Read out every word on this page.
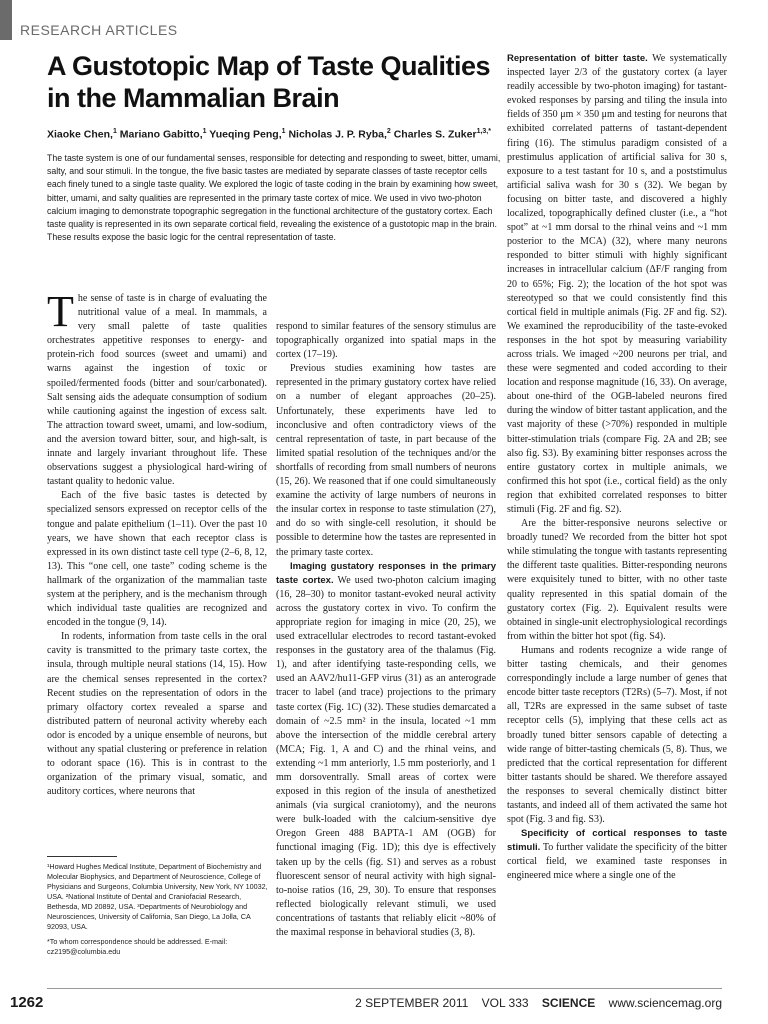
RESEARCH ARTICLES
A Gustotopic Map of Taste Qualities in the Mammalian Brain
Xiaoke Chen,$^1$ Mariano Gabitto,$^1$ Yueqing Peng,$^1$ Nicholas J. P. Ryba,$^2$ Charles S. Zuker$^{1,3,*}$
The taste system is one of our fundamental senses, responsible for detecting and responding to sweet, bitter, umami, salty, and sour stimuli. In the tongue, the five basic tastes are mediated by separate classes of taste receptor cells each finely tuned to a single taste quality. We explored the logic of taste coding in the brain by examining how sweet, bitter, umami, and salty qualities are represented in the primary taste cortex of mice. We used in vivo two-photon calcium imaging to demonstrate topographic segregation in the functional architecture of the gustatory cortex. Each taste quality is represented in its own separate cortical field, revealing the existence of a gustotopic map in the brain. These results expose the basic logic for the central representation of taste.

The sense of taste is in charge of evaluating the nutritional value of a meal. In mammals, a very small palette of taste qualities orchestrates appetitive responses to energy- and protein-rich food sources (sweet and umami) and warns against the ingestion of toxic or spoiled/fermented foods (bitter and sour/carbonated). Salt sensing aids the adequate consumption of sodium while cautioning against the ingestion of excess salt. The attraction toward sweet, umami, and low-sodium, and the aversion toward bitter, sour, and high-salt, is innate and largely invariant throughout life. These observations suggest a physiological hard-wiring of tastant quality to hedonic value.

Each of the five basic tastes is detected by specialized sensors expressed on receptor cells of the tongue and palate epithelium (1–11). Over the past 10 years, we have shown that each receptor class is expressed in its own distinct taste cell type (2–6, 8, 12, 13). This “one cell, one taste” coding scheme is the hallmark of the organization of the mammalian taste system at the periphery, and is the mechanism through which individual taste qualities are recognized and encoded in the tongue (9, 14).

In rodents, information from taste cells in the oral cavity is transmitted to the primary taste cortex, the insula, through multiple neural stations (14, 15). How are the chemical senses represented in the cortex? Recent studies on the representation of odors in the primary olfactory cortex revealed a sparse and distributed pattern of neuronal activity whereby each odor is encoded by a unique ensemble of neurons, but without any spatial clustering or preference in relation to odorant space (16). This is in contrast to the organization of the primary visual, somatic, and auditory cortices, where neurons that

¹Howard Hughes Medical Institute, Department of Biochemistry and Molecular Biophysics, and Department of Neuroscience, College of Physicians and Surgeons, Columbia University, New York, NY 10032, USA. ²National Institute of Dental and Craniofacial Research, Bethesda, MD 20892, USA. ³Departments of Neurobiology and Neurosciences, University of California, San Diego, La Jolla, CA 92093, USA.

*To whom correspondence should be addressed. E-mail: cz2195@columbia.edu

respond to similar features of the sensory stimulus are topographically organized into spatial maps in the cortex (17–19).

Previous studies examining how tastes are represented in the primary gustatory cortex have relied on a number of elegant approaches (20–25). Unfortunately, these experiments have led to inconclusive and often contradictory views of the central representation of taste, in part because of the limited spatial resolution of the techniques and/or the shortfalls of recording from small numbers of neurons (15, 26). We reasoned that if one could simultaneously examine the activity of large numbers of neurons in the insular cortex in response to taste stimulation (27), and do so with single-cell resolution, it should be possible to determine how the tastes are represented in the primary taste cortex.

Imaging gustatory responses in the primary taste cortex. We used two-photon calcium imaging (16, 28–30) to monitor tastant-evoked neural activity across the gustatory cortex in vivo. To confirm the appropriate region for imaging in mice (20, 25), we used extracellular electrodes to record tastant-evoked responses in the gustatory area of the thalamus (Fig. 1), and after identifying taste-responding cells, we used an AAV2/hu11-GFP virus (31) as an anterograde tracer to label (and trace) projections to the primary taste cortex (Fig. 1C) (32). These studies demarcated a domain of ~2.5 mm² in the insula, located ~1 mm above the intersection of the middle cerebral artery (MCA; Fig. 1, A and C) and the rhinal veins, and extending ~1 mm anteriorly, 1.5 mm posteriorly, and 1 mm dorsoventrally. Small areas of cortex were exposed in this region of the insula of anesthetized animals (via surgical craniotomy), and the neurons were bulk-loaded with the calcium-sensitive dye Oregon Green 488 BAPTA-1 AM (OGB) for functional imaging (Fig. 1D); this dye is effectively taken up by the cells (fig. S1) and serves as a robust fluorescent sensor of neural activity with high signal-to-noise ratios (16, 29, 30). To ensure that responses reflected biologically relevant stimuli, we used concentrations of tastants that reliably elicit ~80% of the maximal response in behavioral studies (3, 8).

Representation of bitter taste. We systematically inspected layer 2/3 of the gustatory cortex (a layer readily accessible by two-photon imaging) for tastant-evoked responses by parsing and tiling the insula into fields of 350 μm × 350 μm and testing for neurons that exhibited correlated patterns of tastant-dependent firing (16). The stimulus paradigm consisted of a prestimulus application of artificial saliva for 30 s, exposure to a test tastant for 10 s, and a poststimulus artificial saliva wash for 30 s (32). We began by focusing on bitter taste, and discovered a highly localized, topographically defined cluster (i.e., a “hot spot” at ~1 mm dorsal to the rhinal veins and ~1 mm posterior to the MCA) (32), where many neurons responded to bitter stimuli with highly significant increases in intracellular calcium (ΔF/F ranging from 20 to 65%; Fig. 2); the location of the hot spot was stereotyped so that we could consistently find this cortical field in multiple animals (Fig. 2F and fig. S2). We examined the reproducibility of the taste-evoked responses in the hot spot by measuring variability across trials. We imaged ~200 neurons per trial, and these were segmented and coded according to their location and response magnitude (16, 33). On average, about one-third of the OGB-labeled neurons fired during the window of bitter tastant application, and the vast majority of these (>70%) responded in multiple bitter-stimulation trials (compare Fig. 2A and 2B; see also fig. S3). By examining bitter responses across the entire gustatory cortex in multiple animals, we confirmed this hot spot (i.e., cortical field) as the only region that exhibited correlated responses to bitter stimuli (Fig. 2F and fig. S2).

Are the bitter-responsive neurons selective or broadly tuned? We recorded from the bitter hot spot while stimulating the tongue with tastants representing the different taste qualities. Bitter-responding neurons were exquisitely tuned to bitter, with no other taste quality represented in this spatial domain of the gustatory cortex (Fig. 2). Equivalent results were obtained in single-unit electrophysiological recordings from within the bitter hot spot (fig. S4).

Humans and rodents recognize a wide range of bitter tasting chemicals, and their genomes correspondingly include a large number of genes that encode bitter taste receptors (T2Rs) (5–7). Most, if not all, T2Rs are expressed in the same subset of taste receptor cells (5), implying that these cells act as broadly tuned bitter sensors capable of detecting a wide range of bitter-tasting chemicals (5, 8). Thus, we predicted that the cortical representation for different bitter tastants should be shared. We therefore assayed the responses to several chemically distinct bitter tastants, and indeed all of them activated the same hot spot (Fig. 3 and fig. S3).

Specificity of cortical responses to taste stimuli. To further validate the specificity of the bitter cortical field, we examined taste responses in engineered mice where a single one of the

1262	2 SEPTEMBER 2011 VOL 333 SCIENCE www.sciencemag.org
